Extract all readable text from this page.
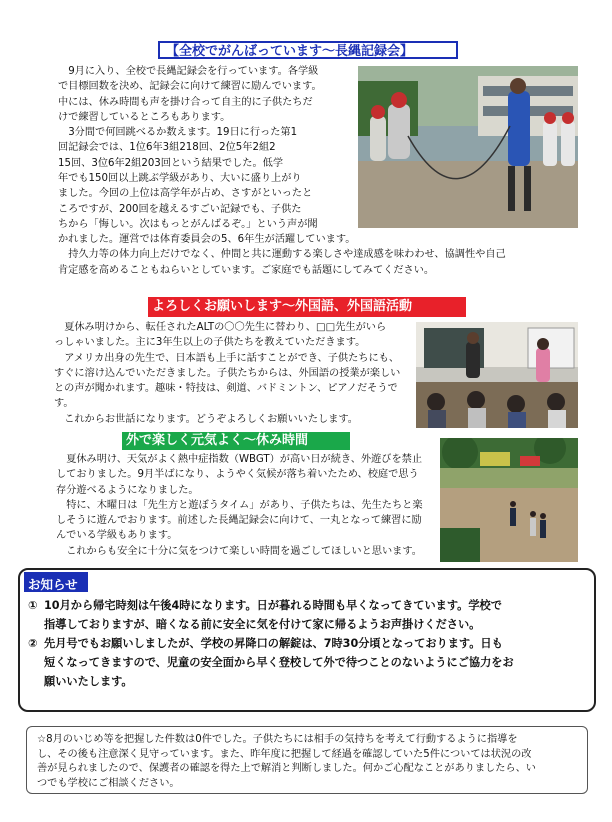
【全校でがんばっています～長縄記録会】

9月に入り、全校で長縄記録会を行っています。各学級

で目標回数を決め、記録会に向けて練習に励んでいます。

中には、休み時間も声を掛け合って自主的に子供たちだ

けで練習しているところもあります。

3分間で何回跳べるか数えます。19日に行った第1

回記録会では、1位6年3組218回、2位5年2組2

15回、3位6年2組203回という結果でした。低学

年でも150回以上跳ぶ学級があり、大いに盛り上がり

ました。今回の上位は高学年が占め、さすがといったと

ころですが、200回を越えるすごい記録でも、子供た

ちから「悔しい。次はもっとがんばるぞ。」という声が聞

かれました。運営では体育委員会の5、6年生が活躍しています。

持久力等の体力向上だけでなく、仲間と共に運動する楽しさや達成感を味わわせ、協調性や自己

肯定感を高めることもねらいとしています。ご家庭でも話題にしてみてください。

よろしくお願いします～外国語、外国語活動

夏休み明けから、転任されたALTの〇〇先生に替わり、□□先生がいら

っしゃいました。主に3年生以上の子供たちを教えていただきます。

アメリカ出身の先生で、日本語も上手に話すことができ、子供たちにも、

すぐに溶け込んでいただきました。子供たちからは、外国語の授業が楽しい

との声が聞かれます。趣味・特技は、剣道、バドミントン、ピアノだそうで

す。

これからお世話になります。どうぞよろしくお願いいたします。

外で楽しく元気よく～休み時間

夏休み明け、天気がよく熱中症指数（WBGT）が高い日が続き、外遊びを禁止

しておりました。9月半ばになり、ようやく気候が落ち着いたため、校庭で思う

存分遊べるようになりました。

特に、木曜日は「先生方と遊ぼうタイム」があり、子供たちは、先生たちと楽

しそうに遊んでおります。前述した長縄記録会に向けて、一丸となって練習に励

んでいる学級もあります。

これからも安全に十分に気をつけて楽しい時間を過ごしてほしいと思います。

お知らせ
① 10月から帰宅時刻は午後4時になります。日が暮れる時間も早くなってきています。学校で
指導しておりますが、暗くなる前に安全に気を付けて家に帰るようお声掛けください。
② 先月号でもお願いしましたが、学校の昇降口の解錠は、7時30分頃となっております。日も
短くなってきますので、児童の安全面から早く登校して外で待つことのないようにご協力をお
願いいたします。
☆8月のいじめ等を把握した件数は0件でした。子供たちには相手の気持ちを考えて行動するように指導を
し、その後も注意深く見守っています。また、昨年度に把握して経過を確認していた5件については状況の改
善が見られましたので、保護者の確認を得た上で解消と判断しました。何かご心配なことがありましたら、い
つでも学校にご相談ください。
